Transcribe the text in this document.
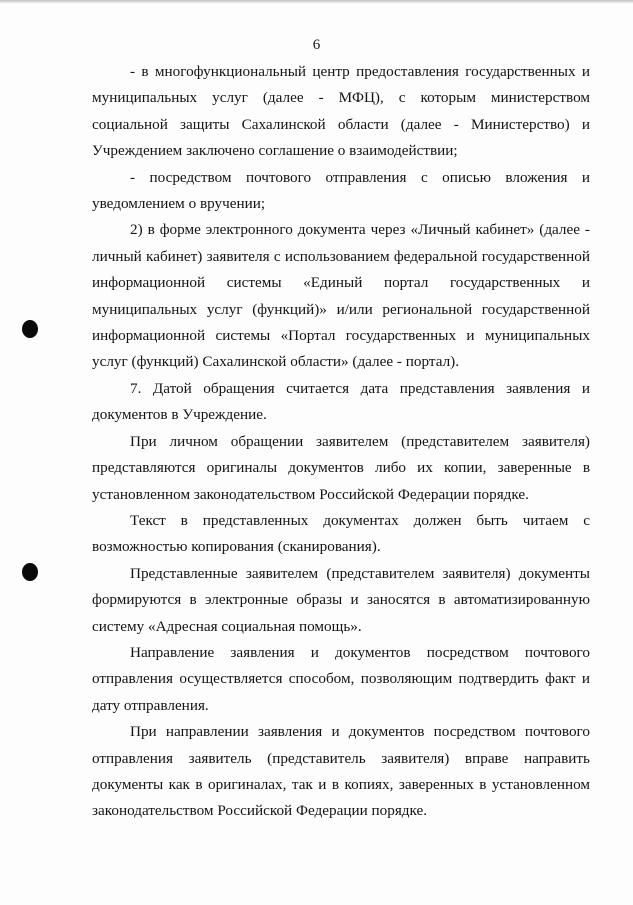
6

- в многофункциональный центр предоставления государственных и муниципальных услуг (далее - МФЦ), с которым министерством социальной защиты Сахалинской области (далее - Министерство) и Учреждением заключено соглашение о взаимодействии;

- посредством почтового отправления с описью вложения и уведомлением о вручении;

2) в форме электронного документа через «Личный кабинет» (далее - личный кабинет) заявителя с использованием федеральной государственной информационной системы «Единый портал государственных и муниципальных услуг (функций)» и/или региональной государственной информационной системы «Портал государственных и муниципальных услуг (функций) Сахалинской области» (далее - портал).

7. Датой обращения считается дата представления заявления и документов в Учреждение.

При личном обращении заявителем (представителем заявителя) представляются оригиналы документов либо их копии, заверенные в установленном законодательством Российской Федерации порядке.

Текст в представленных документах должен быть читаем с возможностью копирования (сканирования).

Представленные заявителем (представителем заявителя) документы формируются в электронные образы и заносятся в автоматизированную систему «Адресная социальная помощь».

Направление заявления и документов посредством почтового отправления осуществляется способом, позволяющим подтвердить факт и дату отправления.

При направлении заявления и документов посредством почтового отправления заявитель (представитель заявителя) вправе направить документы как в оригиналах, так и в копиях, заверенных в установленном законодательством Российской Федерации порядке.
